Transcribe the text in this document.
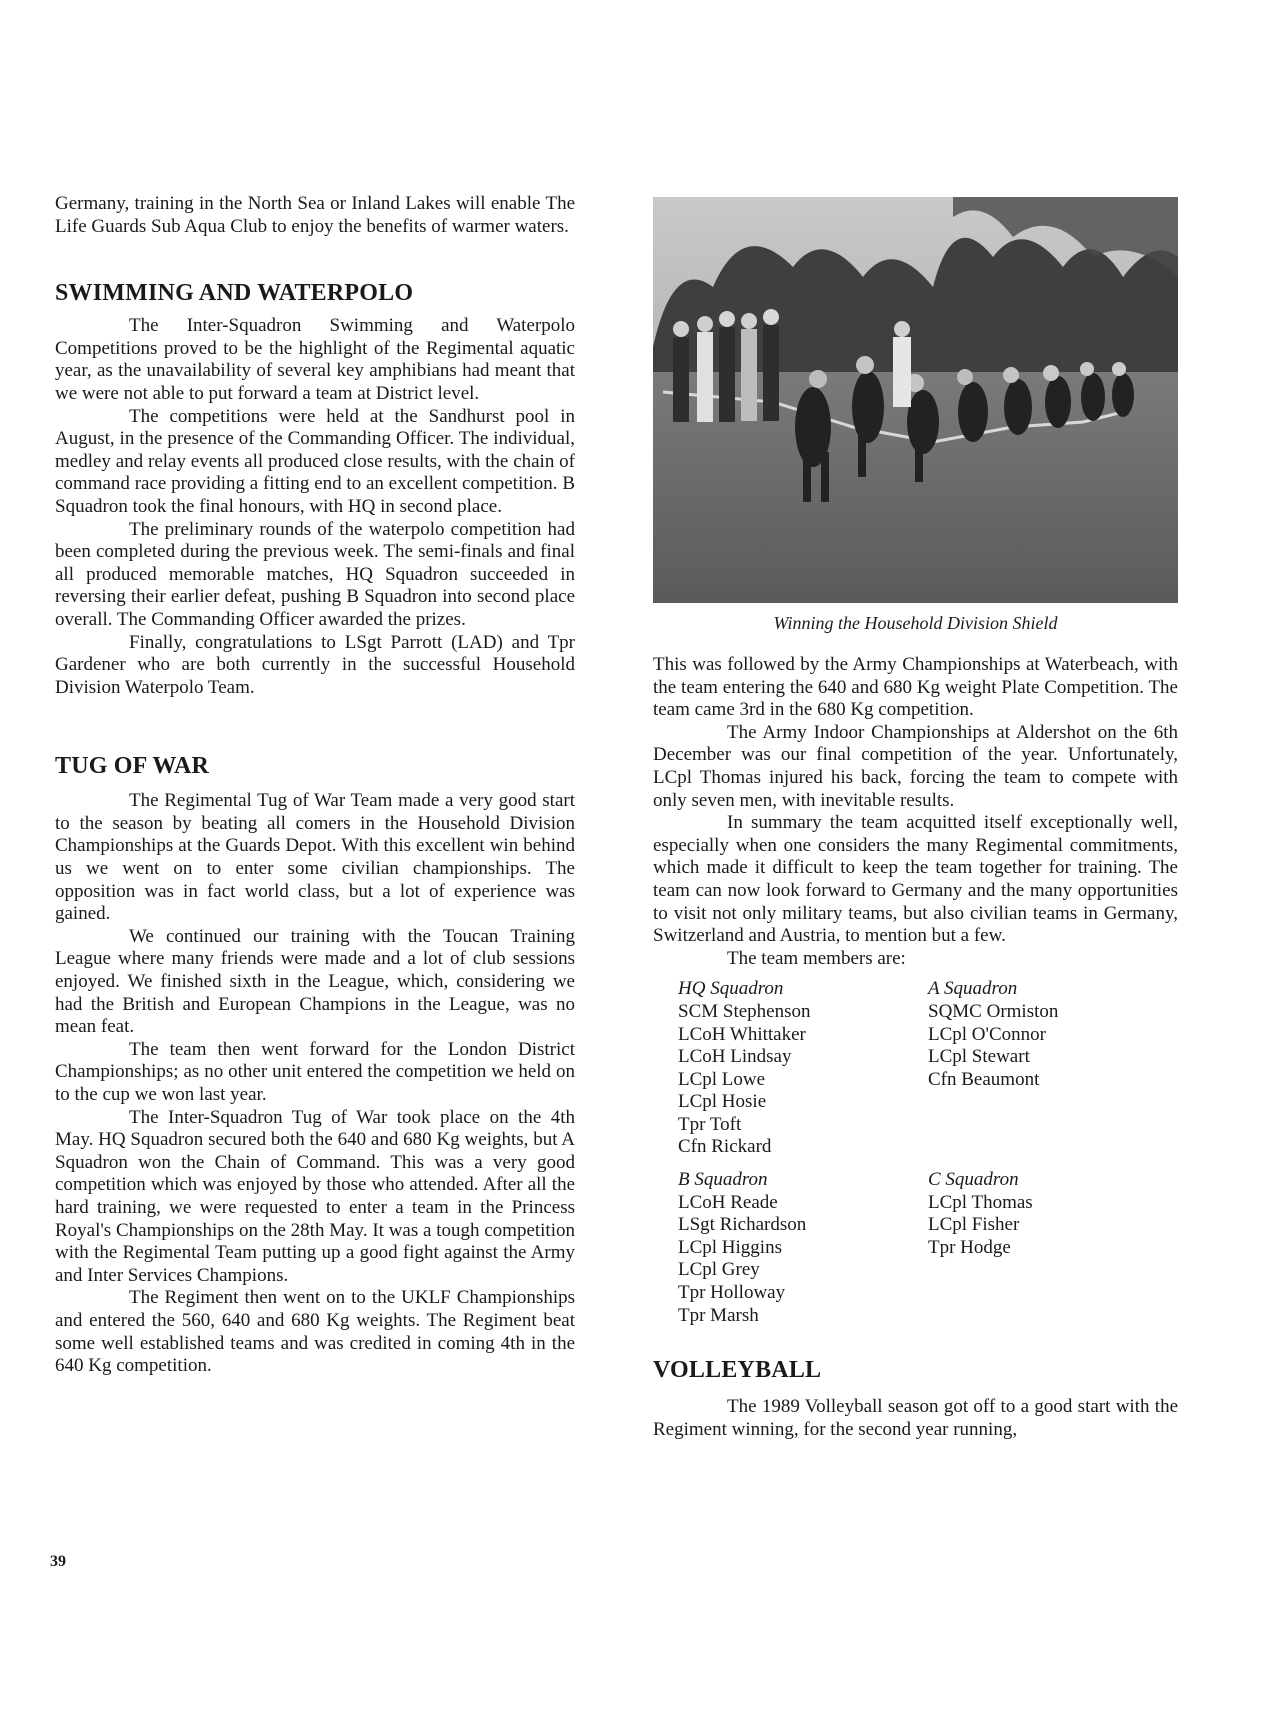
Germany, training in the North Sea or Inland Lakes will enable The Life Guards Sub Aqua Club to enjoy the benefits of warmer waters.

SWIMMING AND WATERPOLO

The Inter-Squadron Swimming and Waterpolo Competitions proved to be the highlight of the Regimental aquatic year, as the unavailability of several key amphibians had meant that we were not able to put forward a team at District level.

The competitions were held at the Sandhurst pool in August, in the presence of the Commanding Officer. The individual, medley and relay events all produced close results, with the chain of command race providing a fitting end to an excellent competition. B Squadron took the final honours, with HQ in second place.

The preliminary rounds of the waterpolo competition had been completed during the previous week. The semi-finals and final all produced memorable matches, HQ Squadron succeeded in reversing their earlier defeat, pushing B Squadron into second place overall. The Commanding Officer awarded the prizes.

Finally, congratulations to LSgt Parrott (LAD) and Tpr Gardener who are both currently in the successful Household Division Waterpolo Team.

TUG OF WAR

The Regimental Tug of War Team made a very good start to the season by beating all comers in the Household Division Championships at the Guards Depot. With this excellent win behind us we went on to enter some civilian championships. The opposition was in fact world class, but a lot of experience was gained.

We continued our training with the Toucan Training League where many friends were made and a lot of club sessions enjoyed. We finished sixth in the League, which, considering we had the British and European Champions in the League, was no mean feat.

The team then went forward for the London District Championships; as no other unit entered the competition we held on to the cup we won last year.

The Inter-Squadron Tug of War took place on the 4th May. HQ Squadron secured both the 640 and 680 Kg weights, but A Squadron won the Chain of Command. This was a very good competition which was enjoyed by those who attended. After all the hard training, we were requested to enter a team in the Princess Royal's Championships on the 28th May. It was a tough competition with the Regimental Team putting up a good fight against the Army and Inter Services Champions.

The Regiment then went on to the UKLF Championships and entered the 560, 640 and 680 Kg weights. The Regiment beat some well established teams and was credited in coming 4th in the 640 Kg competition.

Winning the Household Division Shield

This was followed by the Army Championships at Waterbeach, with the team entering the 640 and 680 Kg weight Plate Competition. The team came 3rd in the 680 Kg competition.

The Army Indoor Championships at Aldershot on the 6th December was our final competition of the year. Unfortunately, LCpl Thomas injured his back, forcing the team to compete with only seven men, with inevitable results.

In summary the team acquitted itself exceptionally well, especially when one considers the many Regimental commitments, which made it difficult to keep the team together for training. The team can now look forward to Germany and the many opportunities to visit not only military teams, but also civilian teams in Germany, Switzerland and Austria, to mention but a few.

The team members are:

HQ Squadron
SCM Stephenson
LCoH Whittaker
LCoH Lindsay
LCpl Lowe
LCpl Hosie
Tpr Toft
Cfn Rickard
A Squadron
SQMC Ormiston
LCpl O'Connor
LCpl Stewart
Cfn Beaumont
B Squadron
LCoH Reade
LSgt Richardson
LCpl Higgins
LCpl Grey
Tpr Holloway
Tpr Marsh
C Squadron
LCpl Thomas
LCpl Fisher
Tpr Hodge
VOLLEYBALL

The 1989 Volleyball season got off to a good start with the Regiment winning, for the second year running,

39
